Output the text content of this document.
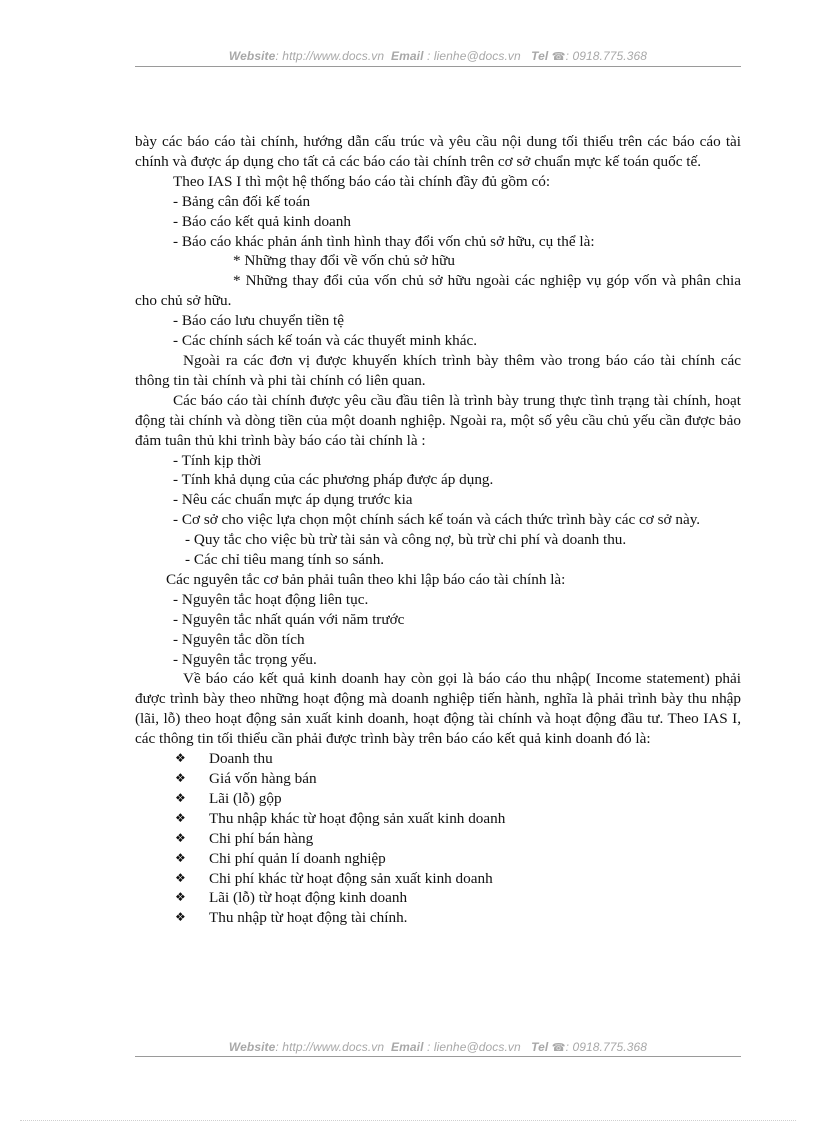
Website: http://www.docs.vn Email : lienhe@docs.vn Tel ☎: 0918.775.368

bày các báo cáo tài chính, hướng dẫn cấu trúc và yêu cầu nội dung tối thiểu trên các báo cáo tài chính và được áp dụng cho tất cả các báo cáo tài chính trên cơ sở chuẩn mực kế toán quốc tế.

Theo IAS I thì một hệ thống báo cáo tài chính đầy đủ gồm có:

- Bảng cân đối kế toán

- Báo cáo kết quả kinh doanh

- Báo cáo khác phản ánh tình hình thay đổi vốn chủ sở hữu, cụ thể là:

* Những thay đổi về vốn chủ sở hữu

* Những thay đổi của vốn chủ sở hữu ngoài các nghiệp vụ góp vốn và phân chia cho chủ sở hữu.

- Báo cáo lưu chuyển tiền tệ

- Các chính sách kế toán và các thuyết minh khác.

Ngoài ra các đơn vị được khuyến khích trình bày thêm vào trong báo cáo tài chính các thông tin tài chính và phi tài chính có liên quan.

Các báo cáo tài chính được yêu cầu đầu tiên là trình bày trung thực tình trạng tài chính, hoạt động tài chính và dòng tiền của một doanh nghiệp. Ngoài ra, một số yêu cầu chủ yếu cần được bảo đảm tuân thủ khi trình bày báo cáo tài chính là :

- Tính kịp thời

- Tính khả dụng của các phương pháp được áp dụng.

- Nêu các chuẩn mực áp dụng trước kia

- Cơ sở cho việc lựa chọn một chính sách kế toán và cách thức trình bày các cơ sở này.

- Quy tắc cho việc bù trừ tài sản và công nợ, bù trừ chi phí và doanh thu.

- Các chỉ tiêu mang tính so sánh.

Các nguyên tắc cơ bản phải tuân theo khi lập báo cáo tài chính là:

- Nguyên tắc hoạt động liên tục.

- Nguyên tắc nhất quán với năm trước

- Nguyên tắc dồn tích

- Nguyên tắc trọng yếu.

Về báo cáo kết quả kinh doanh hay còn gọi là báo cáo thu nhập( Income statement) phải được trình bày theo những hoạt động mà doanh nghiệp tiến hành, nghĩa là phải trình bày thu nhập (lãi, lỗ) theo hoạt động sản xuất kinh doanh, hoạt động tài chính và hoạt động đầu tư. Theo IAS I, các thông tin tối thiểu cần phải được trình bày trên báo cáo kết quả kinh doanh đó là:

❖ Doanh thu
❖ Giá vốn hàng bán
❖ Lãi (lỗ) gộp
❖ Thu nhập khác từ hoạt động sản xuất kinh doanh
❖ Chi phí bán hàng
❖ Chi phí quản lí doanh nghiệp
❖ Chi phí khác từ hoạt động sản xuất kinh doanh
❖ Lãi (lỗ) từ hoạt động kinh doanh
❖ Thu nhập từ hoạt động tài chính.
Website: http://www.docs.vn Email : lienhe@docs.vn Tel ☎: 0918.775.368
